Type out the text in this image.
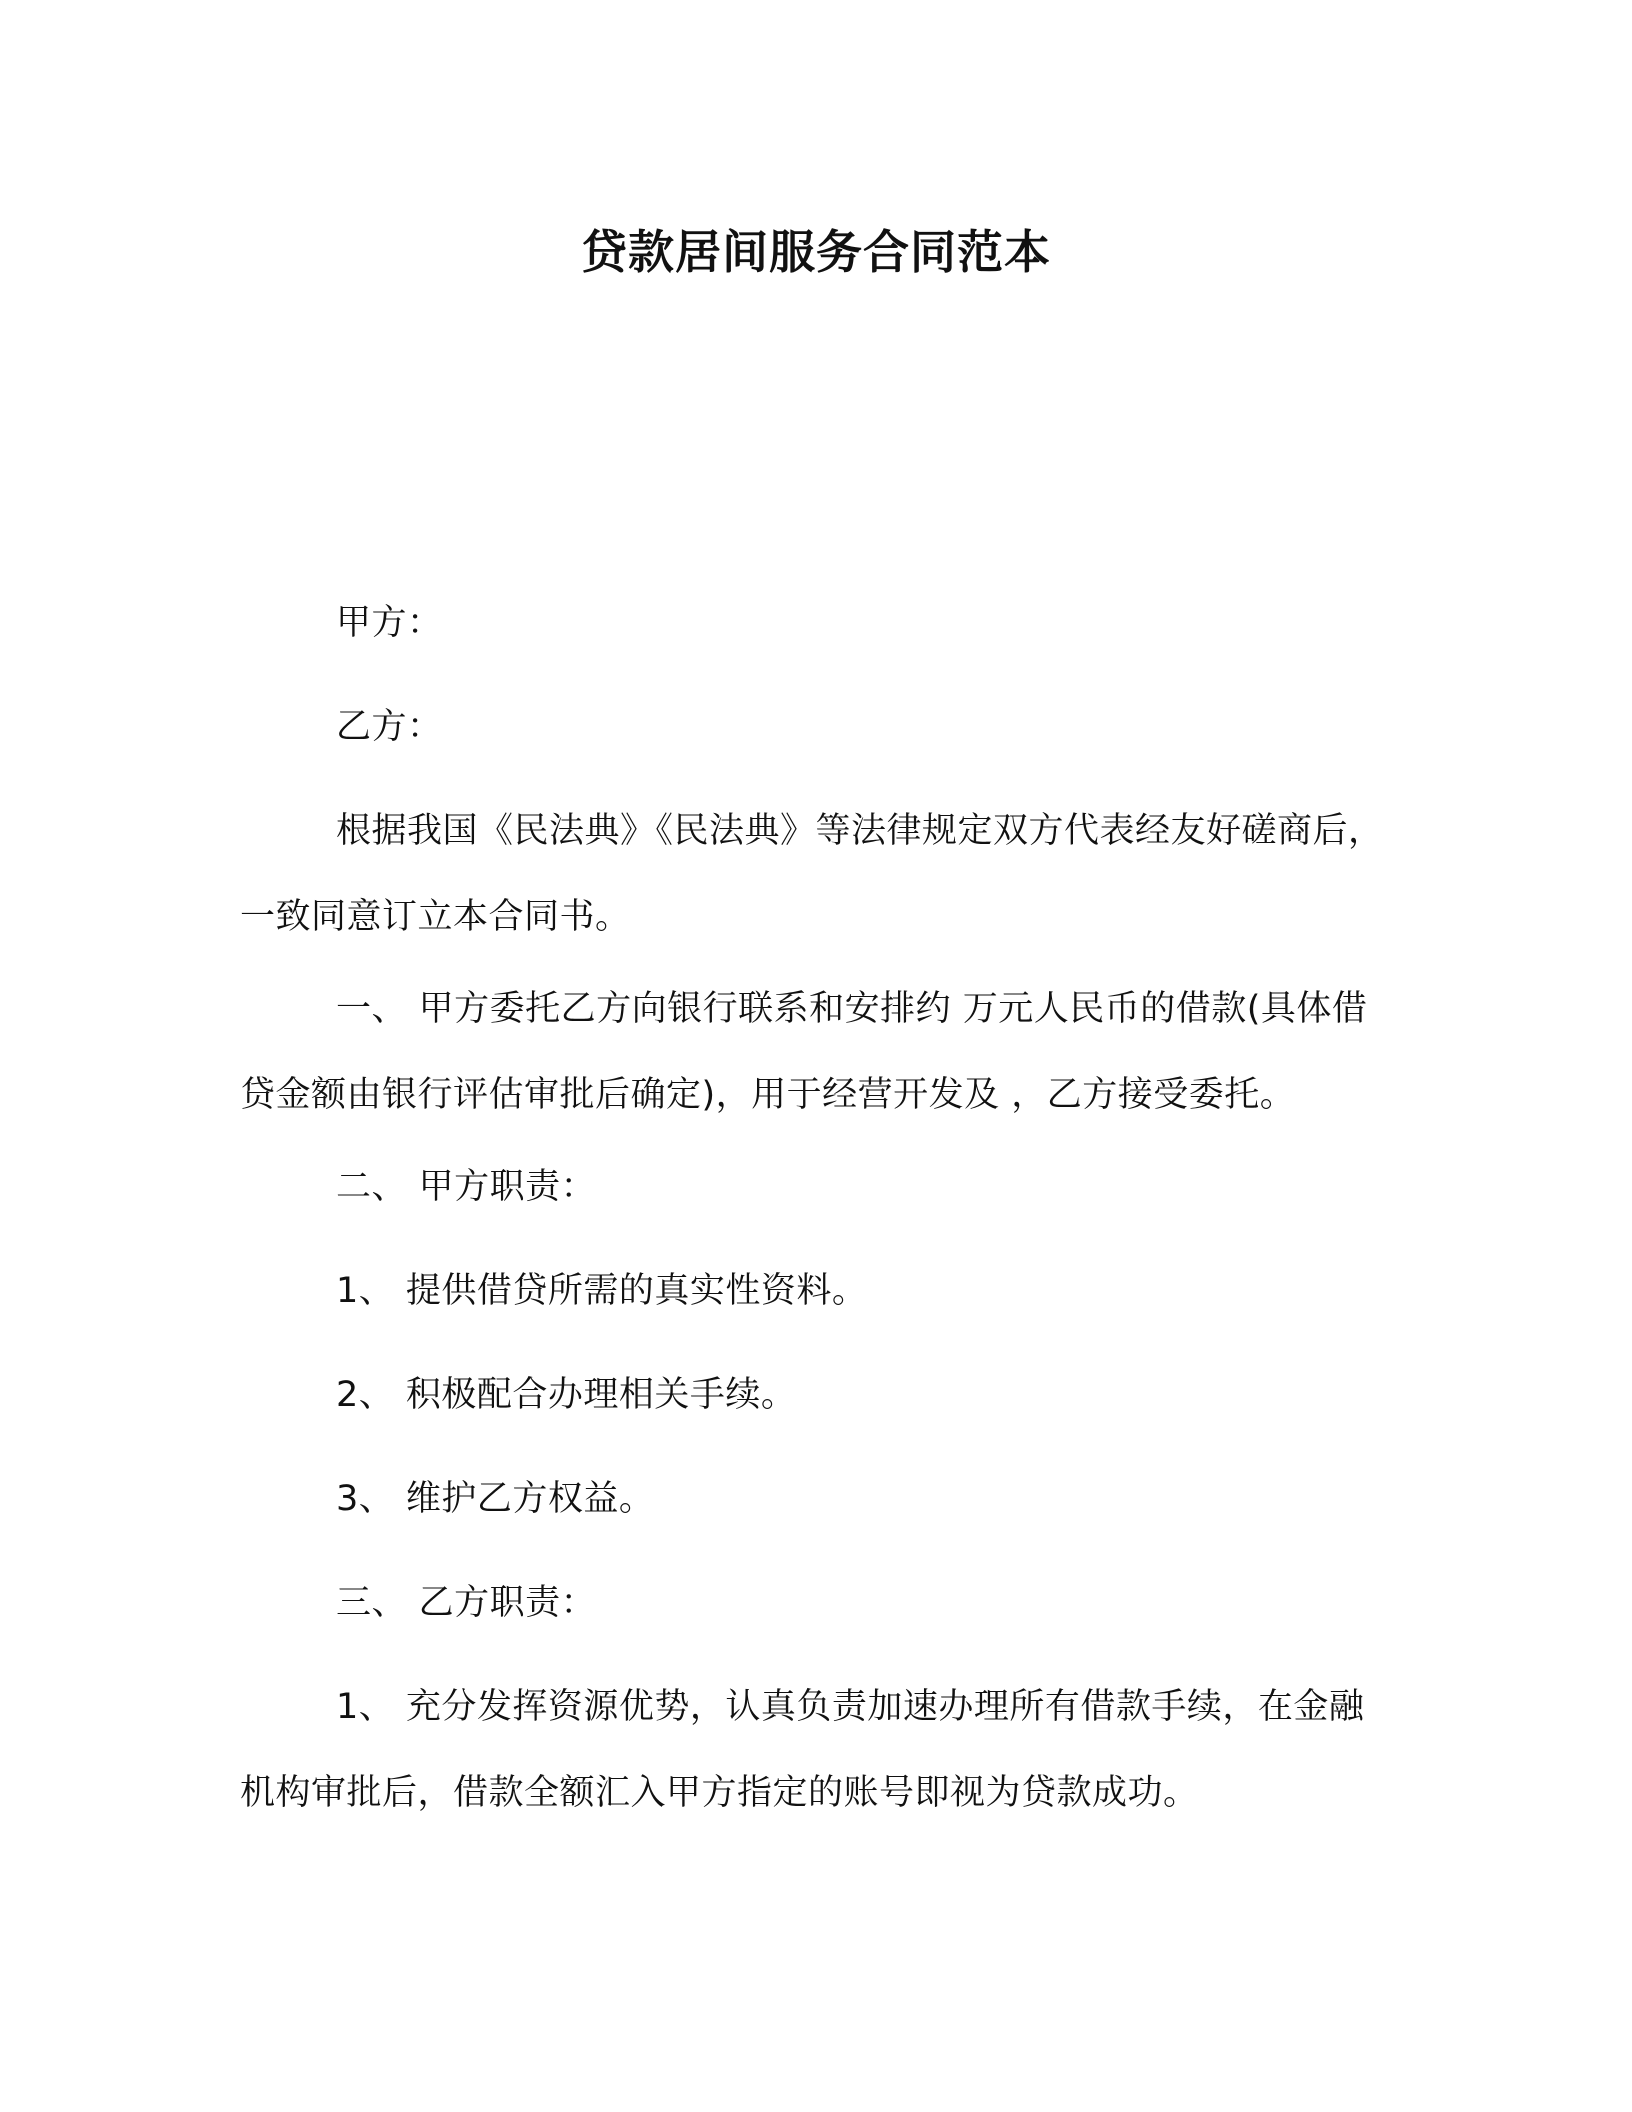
贷款居间服务合同范本

甲方：

乙方：

根据我国《民法典》《民法典》等法律规定双方代表经友好磋商后，一致同意订立本合同书。

一、 甲方委托乙方向银行联系和安排约 万元人民币的借款(具体借贷金额由银行评估审批后确定)，用于经营开发及 ，乙方接受委托。

二、 甲方职责：

1、 提供借贷所需的真实性资料。

2、 积极配合办理相关手续。

3、 维护乙方权益。

三、 乙方职责：

1、 充分发挥资源优势，认真负责加速办理所有借款手续，在金融机构审批后，借款全额汇入甲方指定的账号即视为贷款成功。
